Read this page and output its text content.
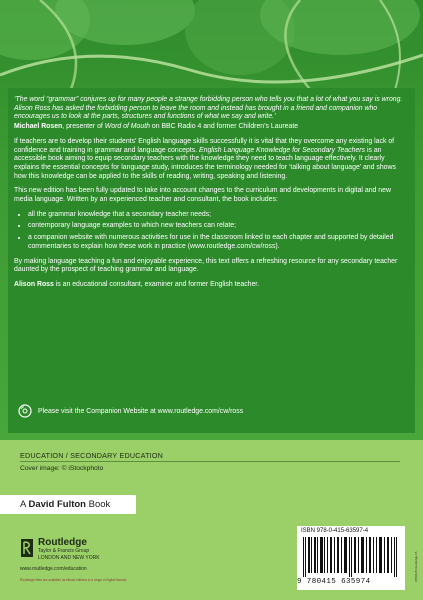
‘The word “grammar” conjures up for many people a strange forbidding person who tells you that a lot of what you say is wrong. Alison Ross has asked the forbidding person to leave the room and instead has brought in a friend and companion who encourages us to look at the parts, structures and functions of what we say and write.’

Michael Rosen, presenter of Word of Mouth on BBC Radio 4 and former Children’s Laureate

If teachers are to develop their students’ English language skills successfully it is vital that they overcome any existing lack of confidence and training in grammar and language concepts. English Language Knowledge for Secondary Teachers is an accessible book aiming to equip secondary teachers with the knowledge they need to teach language effectively. It clearly explains the essential concepts for language study, introduces the terminology needed for ‘talking about language’ and shows how this knowledge can be applied to the skills of reading, writing, speaking and listening.

This new edition has been fully updated to take into account changes to the curriculum and developments in digital and new media language. Written by an experienced teacher and consultant, the book includes:

• all the grammar knowledge that a secondary teacher needs;
• contemporary language examples to which new teachers can relate;
• a companion website with numerous activities for use in the classroom linked to each chapter and supported by detailed commentaries to explain how these work in practice (www.routledge.com/cw/ross).

By making language teaching a fun and enjoyable experience, this text offers a refreshing resource for any secondary teacher daunted by the prospect of teaching grammar and language.

Alison Ross is an educational consultant, examiner and former English teacher.

Please visit the Companion Website at www.routledge.com/cw/ross
EDUCATION / SECONDARY EDUCATION
Cover image: © iStockphoto
A David Fulton Book
Routledge
Taylor & Francis Group
LONDON AND NEW YORK
www.routledge.com/education
Routledge titles are available as eBook editions in a range of digital formats
ISBN 978-0-415-63597-4
9 780415 635974	9780415 Routledge 15
